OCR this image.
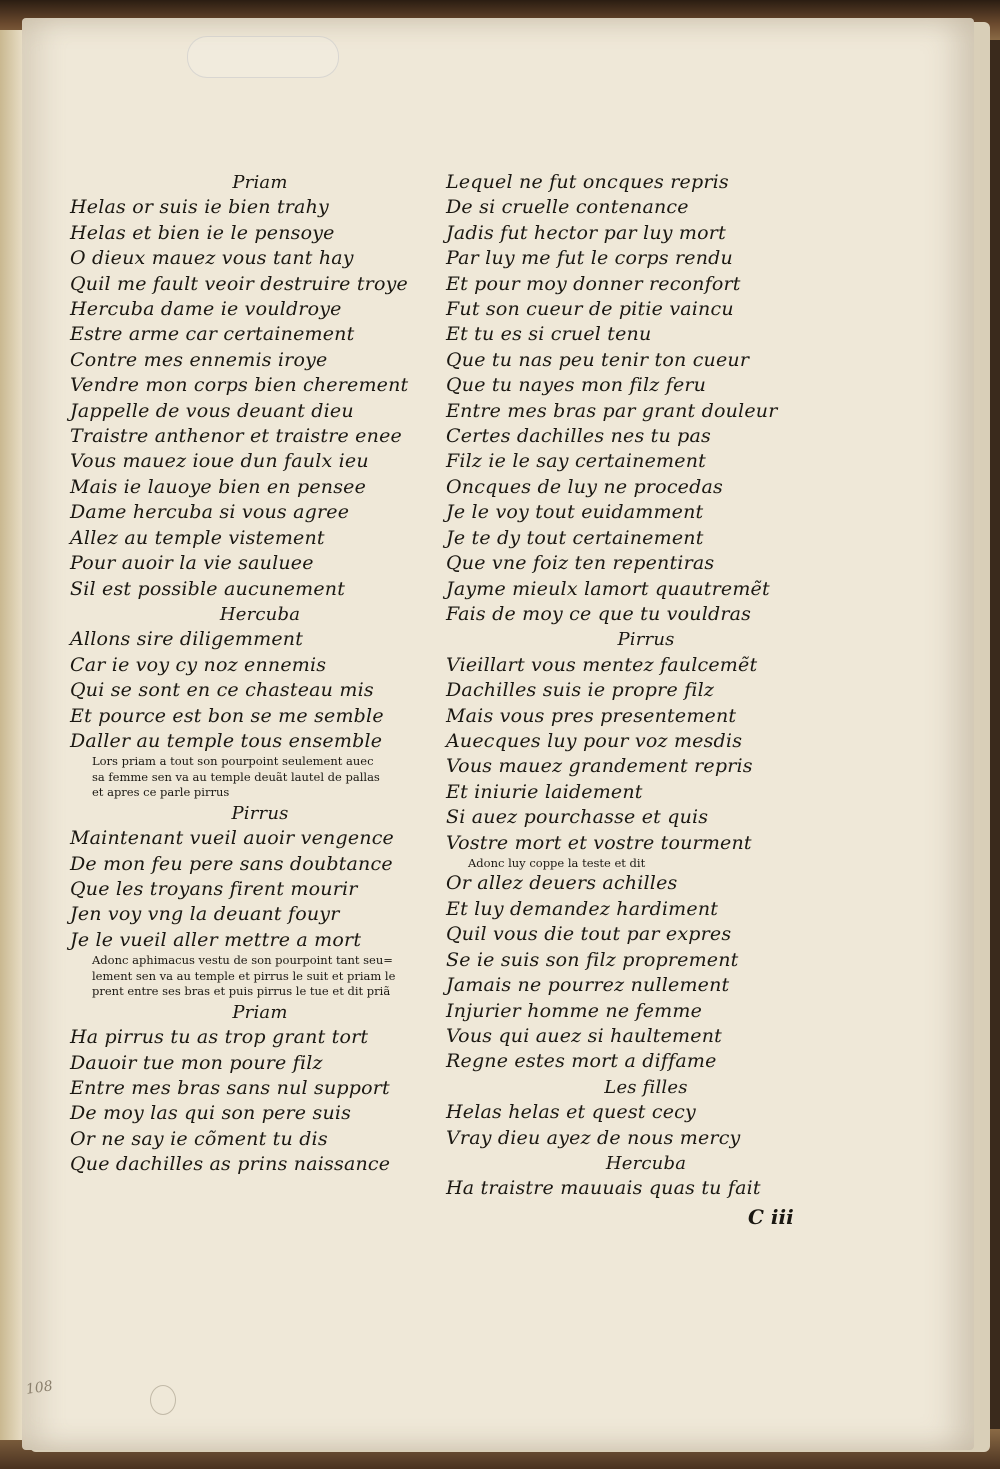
Priam
Helas or suis ie bien trahy
Helas et bien ie le pensoye
O dieux mauez vous tant hay
Quil me fault veoir destruire troye
Hercuba dame ie vouldroye
Estre arme car certainement
Contre mes ennemis iroye
Vendre mon corps bien cherement
Jappelle de vous deuant dieu
Traistre anthenor et traistre enee
Vous mauez ioue dun faulx ieu
Mais ie lauoye bien en pensee
Dame hercuba si vous agree
Allez au temple vistement
Pour auoir la vie sauluee
Sil est possible aucunement
Hercuba
Allons sire diligemment
Car ie voy cy noz ennemis
Qui se sont en ce chasteau mis
Et pource est bon se me semble
Daller au temple tous ensemble
Lors priam a tout son pourpoint seulement auec
sa femme sen va au temple deuãt lautel de pallas
et apres ce parle pirrus
Pirrus
Maintenant vueil auoir vengence
De mon feu pere sans doubtance
Que les troyans firent mourir
Jen voy vng la deuant fouyr
Je le vueil aller mettre a mort
Adonc aphimacus vestu de son pourpoint tant seu=
lement sen va au temple et pirrus le suit et priam le
prent entre ses bras et puis pirrus le tue et dit priã
Priam
Ha pirrus tu as trop grant tort
Dauoir tue mon poure filz
Entre mes bras sans nul support
De moy las qui son pere suis
Or ne say ie cõment tu dis
Que dachilles as prins naissance
Lequel ne fut oncques repris
De si cruelle contenance
Jadis fut hector par luy mort
Par luy me fut le corps rendu
Et pour moy donner reconfort
Fut son cueur de pitie vaincu
Et tu es si cruel tenu
Que tu nas peu tenir ton cueur
Que tu nayes mon filz feru
Entre mes bras par grant douleur
Certes dachilles nes tu pas
Filz ie le say certainement
Oncques de luy ne procedas
Je le voy tout euidamment
Je te dy tout certainement
Que vne foiz ten repentiras
Jayme mieulx lamort quautremẽt
Fais de moy ce que tu vouldras
Pirrus
Vieillart vous mentez faulcemẽt
Dachilles suis ie propre filz
Mais vous pres presentement
Auecques luy pour voz mesdis
Vous mauez grandement repris
Et iniurie laidement
Si auez pourchasse et quis
Vostre mort et vostre tourment
Adonc luy coppe la teste et dit
Or allez deuers achilles
Et luy demandez hardiment
Quil vous die tout par expres
Se ie suis son filz proprement
Jamais ne pourrez nullement
Injurier homme ne femme
Vous qui auez si haultement
Regne estes mort a diffame
Les filles
Helas helas et quest cecy
Vray dieu ayez de nous mercy
Hercuba
Ha traistre mauuais quas tu fait
C iii
108
